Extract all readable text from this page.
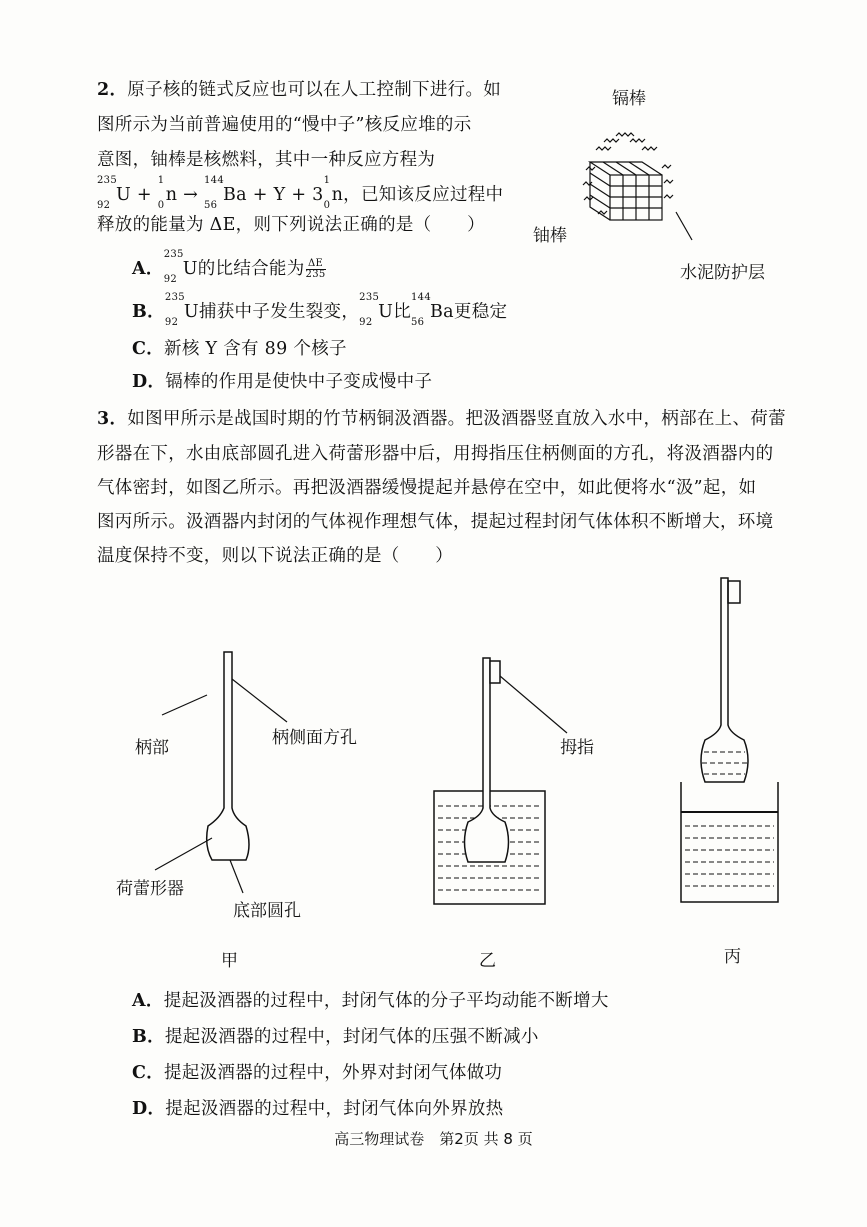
2．原子核的链式反应也可以在人工控制下进行。如
图所示为当前普遍使用的“慢中子”核反应堆的示
意图，铀棒是核燃料，其中一种反应方程为
235
92
U +
1
0
n →
144
56
Ba + Y + 3
1
0
n，已知该反应过程中
释放的能量为 ΔE，则下列说法正确的是（　　）
A．
235
92
U的比结合能为 $\frac{\Delta E}{235}$
B．
235
92
U捕获中子发生裂变，
235
92
U比
144
56
Ba更稳定
C．新核 Y 含有 89 个核子
D．镉棒的作用是使快中子变成慢中子
镉棒
铀棒
水泥防护层
3．如图甲所示是战国时期的竹节柄铜汲酒器。把汲酒器竖直放入水中，柄部在上、荷蕾
形器在下，水由底部圆孔进入荷蕾形器中后，用拇指压住柄侧面的方孔，将汲酒器内的
气体密封，如图乙所示。再把汲酒器缓慢提起并悬停在空中，如此便将水“汲”起，如
图丙所示。汲酒器内封闭的气体视作理想气体，提起过程封闭气体体积不断增大，环境
温度保持不变，则以下说法正确的是（　　）
柄部	柄侧面方孔
荷蕾形器
底部圆孔
拇指
甲	乙	丙
A．提起汲酒器的过程中，封闭气体的分子平均动能不断增大
B．提起汲酒器的过程中，封闭气体的压强不断减小
C．提起汲酒器的过程中，外界对封闭气体做功
D．提起汲酒器的过程中，封闭气体向外界放热
高三物理试卷　第2页 共 8 页
